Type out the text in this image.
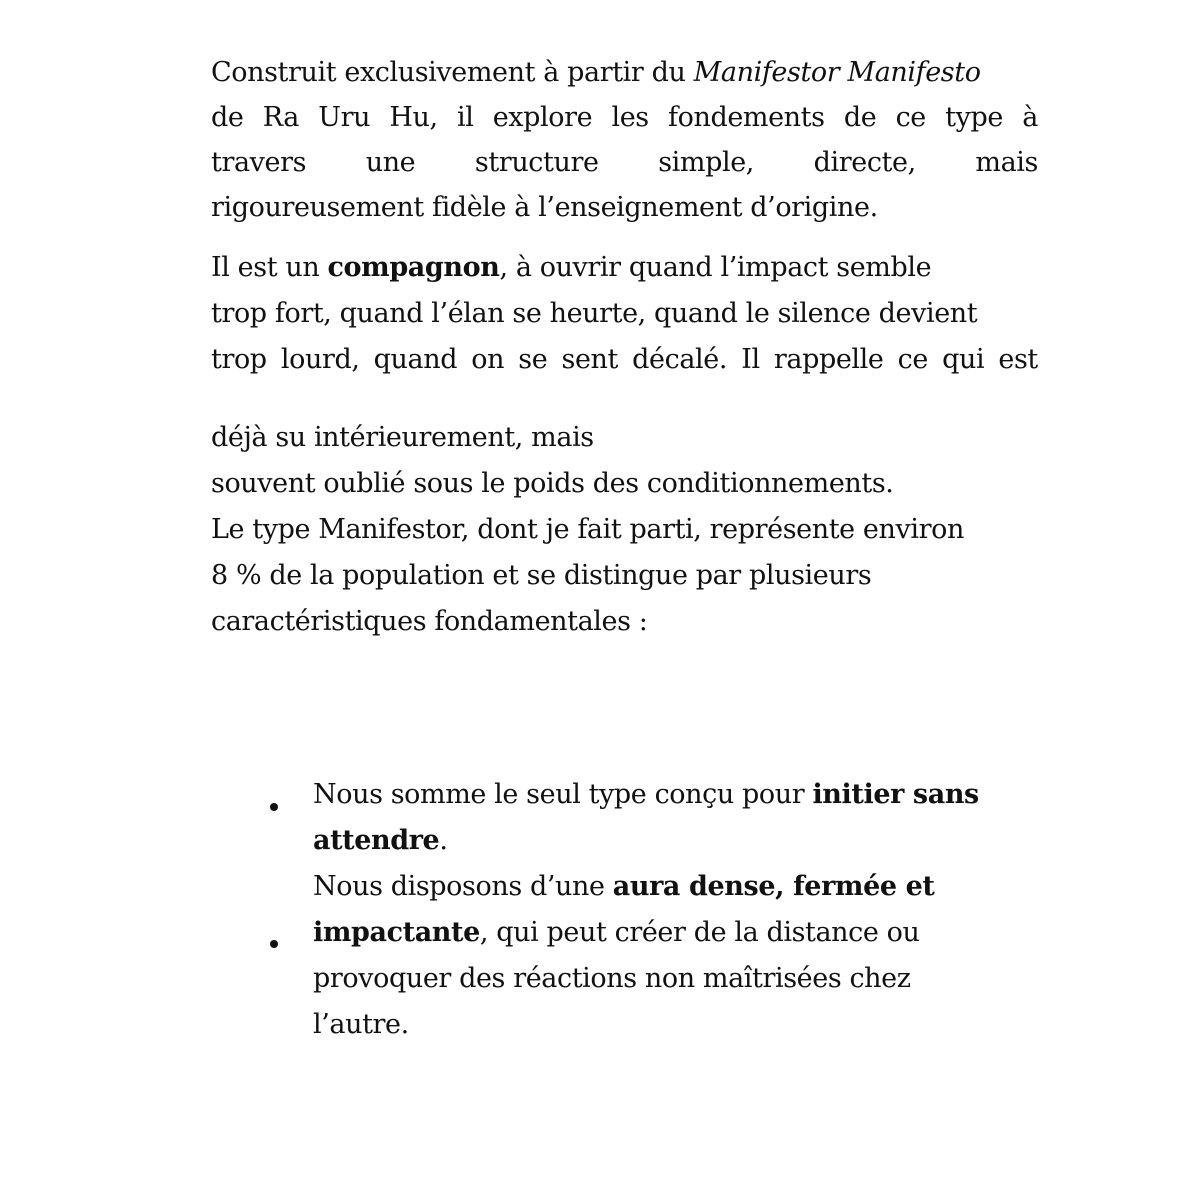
Construit exclusivement à partir du Manifestor Manifesto
de Ra Uru Hu, il explore les fondements de ce type à
travers une structure simple, directe, mais
rigoureusement fidèle à l’enseignement d’origine.
Il est un compagnon, à ouvrir quand l’impact semble
trop fort, quand l’élan se heurte, quand le silence devient
trop lourd, quand on se sent décalé. Il rappelle ce qui est
déjà su intérieurement, mais
souvent oublié sous le poids des conditionnements.
Le type Manifestor, dont je fait parti, représente environ
8 % de la population et se distingue par plusieurs
caractéristiques fondamentales :
Nous somme le seul type conçu pour initier sans
attendre.
Nous disposons d’une aura dense, fermée et
impactante, qui peut créer de la distance ou
provoquer des réactions non maîtrisées chez
l’autre.
